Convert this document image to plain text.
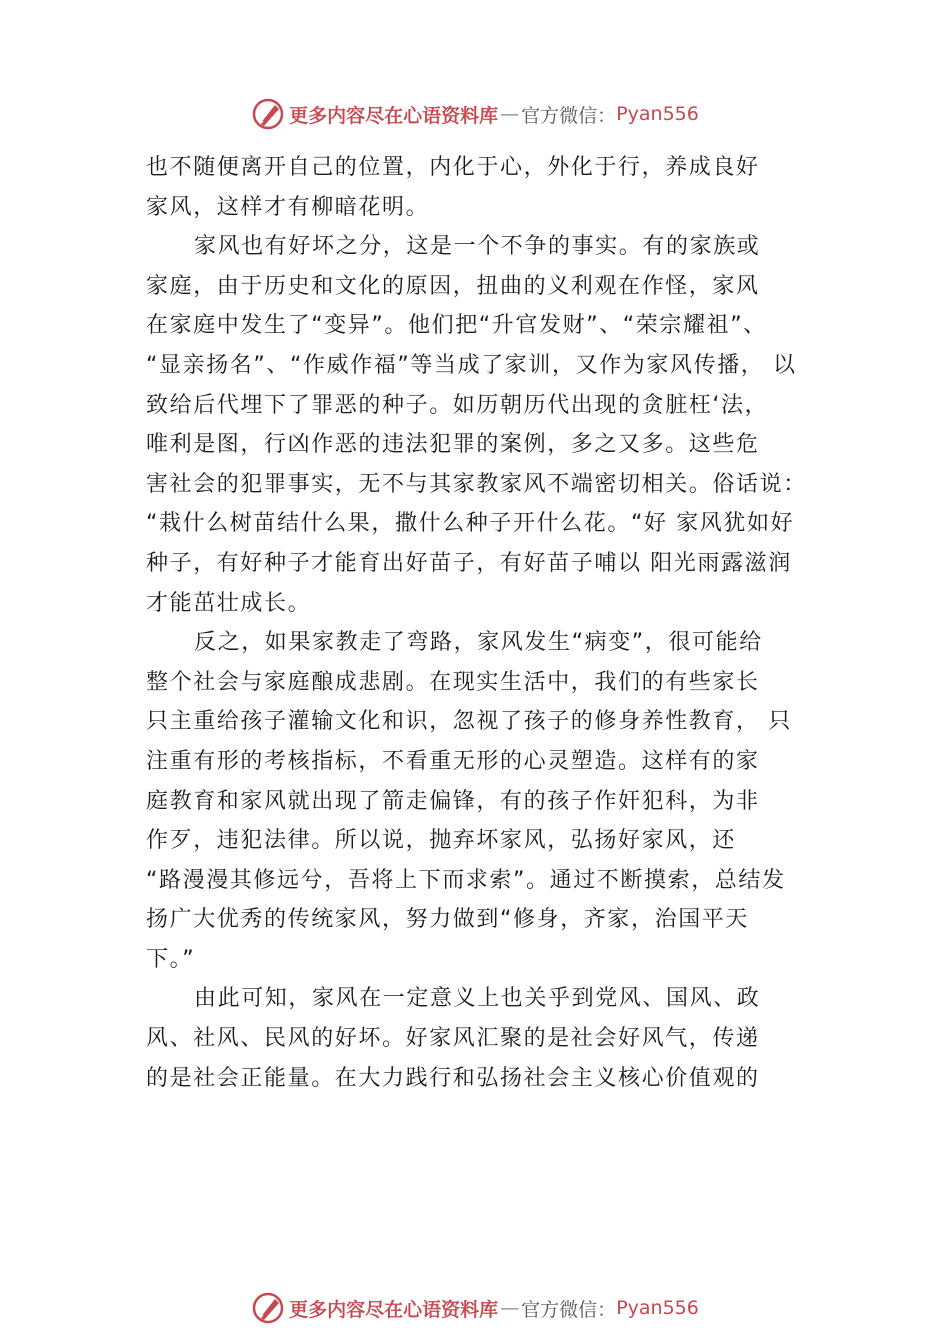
更多内容尽在心语资料库 — 官方微信： Pyan556
也不随便离开自己的位置，内化于心，外化于行，养成良好
家风，这样才有柳暗花明。
家风也有好坏之分，这是一个不争的事实。有的家族或
家庭，由于历史和文化的原因，扭曲的义利观在作怪，家风
在家庭中发生了“变异”。他们把“升官发财”、“荣宗耀祖”、
“显亲扬名”、“作威作福”等当成了家训，又作为家风传播， 以
致给后代埋下了罪恶的种子。如历朝历代出现的贪脏枉‘法，
唯利是图，行凶作恶的违法犯罪的案例，多之又多。这些危
害社会的犯罪事实，无不与其家教家风不端密切相关。俗话说：
“栽什么树苗结什么果，撒什么种子开什么花。“好 家风犹如好
种子，有好种子才能育出好苗子，有好苗子哺以 阳光雨露滋润
才能茁壮成长。
反之，如果家教走了弯路，家风发生“病变”，很可能给
整个社会与家庭酿成悲剧。在现实生活中，我们的有些家长
只主重给孩子灌输文化和识，忽视了孩子的修身养性教育， 只
注重有形的考核指标，不看重无形的心灵塑造。这样有的家
庭教育和家风就出现了箭走偏锋，有的孩子作奸犯科，为非
作歹，违犯法律。所以说，抛弃坏家风，弘扬好家风，还
“路漫漫其修远兮，吾将上下而求索”。通过不断摸索，总结发
扬广大优秀的传统家风，努力做到“修身，齐家，治国平天
下。”
由此可知，家风在一定意义上也关乎到党风、国风、政
风、社风、民风的好坏。好家风汇聚的是社会好风气，传递
的是社会正能量。在大力践行和弘扬社会主义核心价值观的
更多内容尽在心语资料库 — 官方微信： Pyan556
